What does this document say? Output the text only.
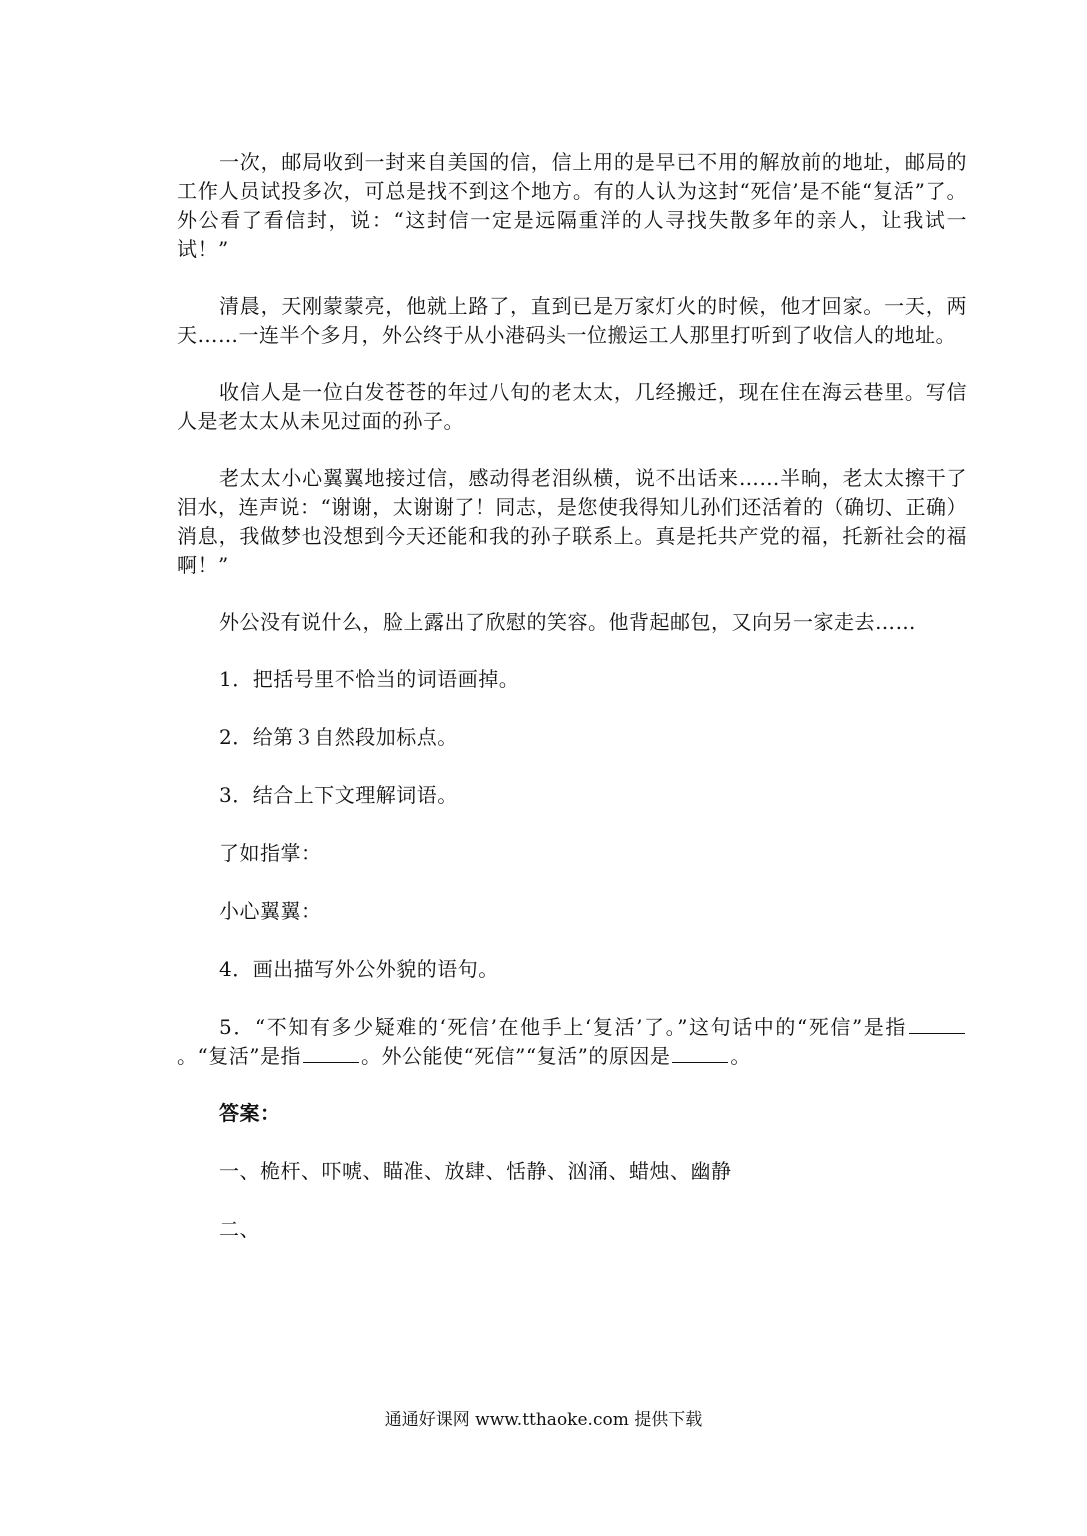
一次，邮局收到一封来自美国的信，信上用的是早已不用的解放前的地址，邮局的工作人员试投多次，可总是找不到这个地方。有的人认为这封“死信’是不能“复活”了。外公看了看信封，说：“这封信一定是远隔重洋的人寻找失散多年的亲人，让我试一试！”

清晨，天刚蒙蒙亮，他就上路了，直到已是万家灯火的时候，他才回家。一天，两天……一连半个多月，外公终于从小港码头一位搬运工人那里打听到了收信人的地址。

收信人是一位白发苍苍的年过八旬的老太太，几经搬迁，现在住在海云巷里。写信人是老太太从未见过面的孙子。

老太太小心翼翼地接过信，感动得老泪纵横，说不出话来……半晌，老太太擦干了泪水，连声说：“谢谢，太谢谢了！同志，是您使我得知儿孙们还活着的（确切、正确）消息，我做梦也没想到今天还能和我的孙子联系上。真是托共产党的福，托新社会的福啊！”

外公没有说什么，脸上露出了欣慰的笑容。他背起邮包，又向另一家走去……

1．把括号里不恰当的词语画掉。

2．给第３自然段加标点。

3．结合上下文理解词语。

了如指掌：

小心翼翼：

4．画出描写外公外貌的语句。

5．“不知有多少疑难的‘死信’在他手上‘复活’了。”这句话中的“死信”是指。“复活”是指	。外公能使“死信”“复活”的原因是	。

答案：

一、桅杆、吓唬、瞄准、放肆、恬静、汹涌、蜡烛、幽静

二、

通通好课网 www.tthaoke.com 提供下载
